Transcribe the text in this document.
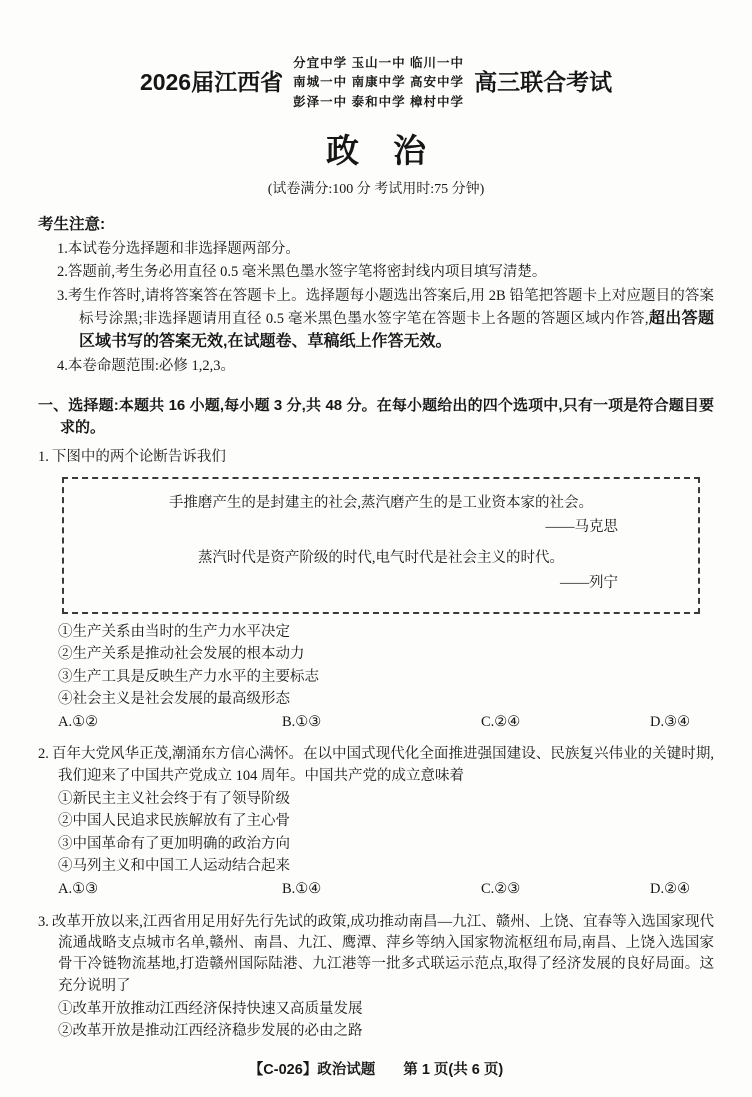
2026届江西省
分宜中学 玉山一中 临川一中
南城一中 南康中学 高安中学
彭泽一中 泰和中学 樟村中学
高三联合考试
政治

(试卷满分:100 分 考试用时:75 分钟)

考生注意:

1.本试卷分选择题和非选择题两部分。

2.答题前,考生务必用直径 0.5 毫米黑色墨水签字笔将密封线内项目填写清楚。

3.考生作答时,请将答案答在答题卡上。选择题每小题选出答案后,用 2B 铅笔把答题卡上对应题目的答案标号涂黑;非选择题请用直径 0.5 毫米黑色墨水签字笔在答题卡上各题的答题区域内作答,超出答题区域书写的答案无效,在试题卷、草稿纸上作答无效。

4.本卷命题范围:必修 1,2,3。

一、选择题:本题共 16 小题,每小题 3 分,共 48 分。在每小题给出的四个选项中,只有一项是符合题目要求的。

1. 下图中的两个论断告诉我们

手推磨产生的是封建主的社会,蒸汽磨产生的是工业资本家的社会。

——马克思

蒸汽时代是资产阶级的时代,电气时代是社会主义的时代。

——列宁

①生产关系由当时的生产力水平决定

②生产关系是推动社会发展的根本动力

③生产工具是反映生产力水平的主要标志

④社会主义是社会发展的最高级形态

A.①②	B.①③	C.②④	D.③④

2. 百年大党风华正茂,潮涌东方信心满怀。在以中国式现代化全面推进强国建设、民族复兴伟业的关键时期,我们迎来了中国共产党成立 104 周年。中国共产党的成立意味着

①新民主主义社会终于有了领导阶级

②中国人民追求民族解放有了主心骨

③中国革命有了更加明确的政治方向

④马列主义和中国工人运动结合起来

A.①③	B.①④	C.②③	D.②④

3. 改革开放以来,江西省用足用好先行先试的政策,成功推动南昌—九江、赣州、上饶、宜春等入选国家现代流通战略支点城市名单,赣州、南昌、九江、鹰潭、萍乡等纳入国家物流枢纽布局,南昌、上饶入选国家骨干冷链物流基地,打造赣州国际陆港、九江港等一批多式联运示范点,取得了经济发展的良好局面。这充分说明了

①改革开放推动江西经济保持快速又高质量发展

②改革开放是推动江西经济稳步发展的必由之路

【C-026】政治试题 第 1 页(共 6 页)
